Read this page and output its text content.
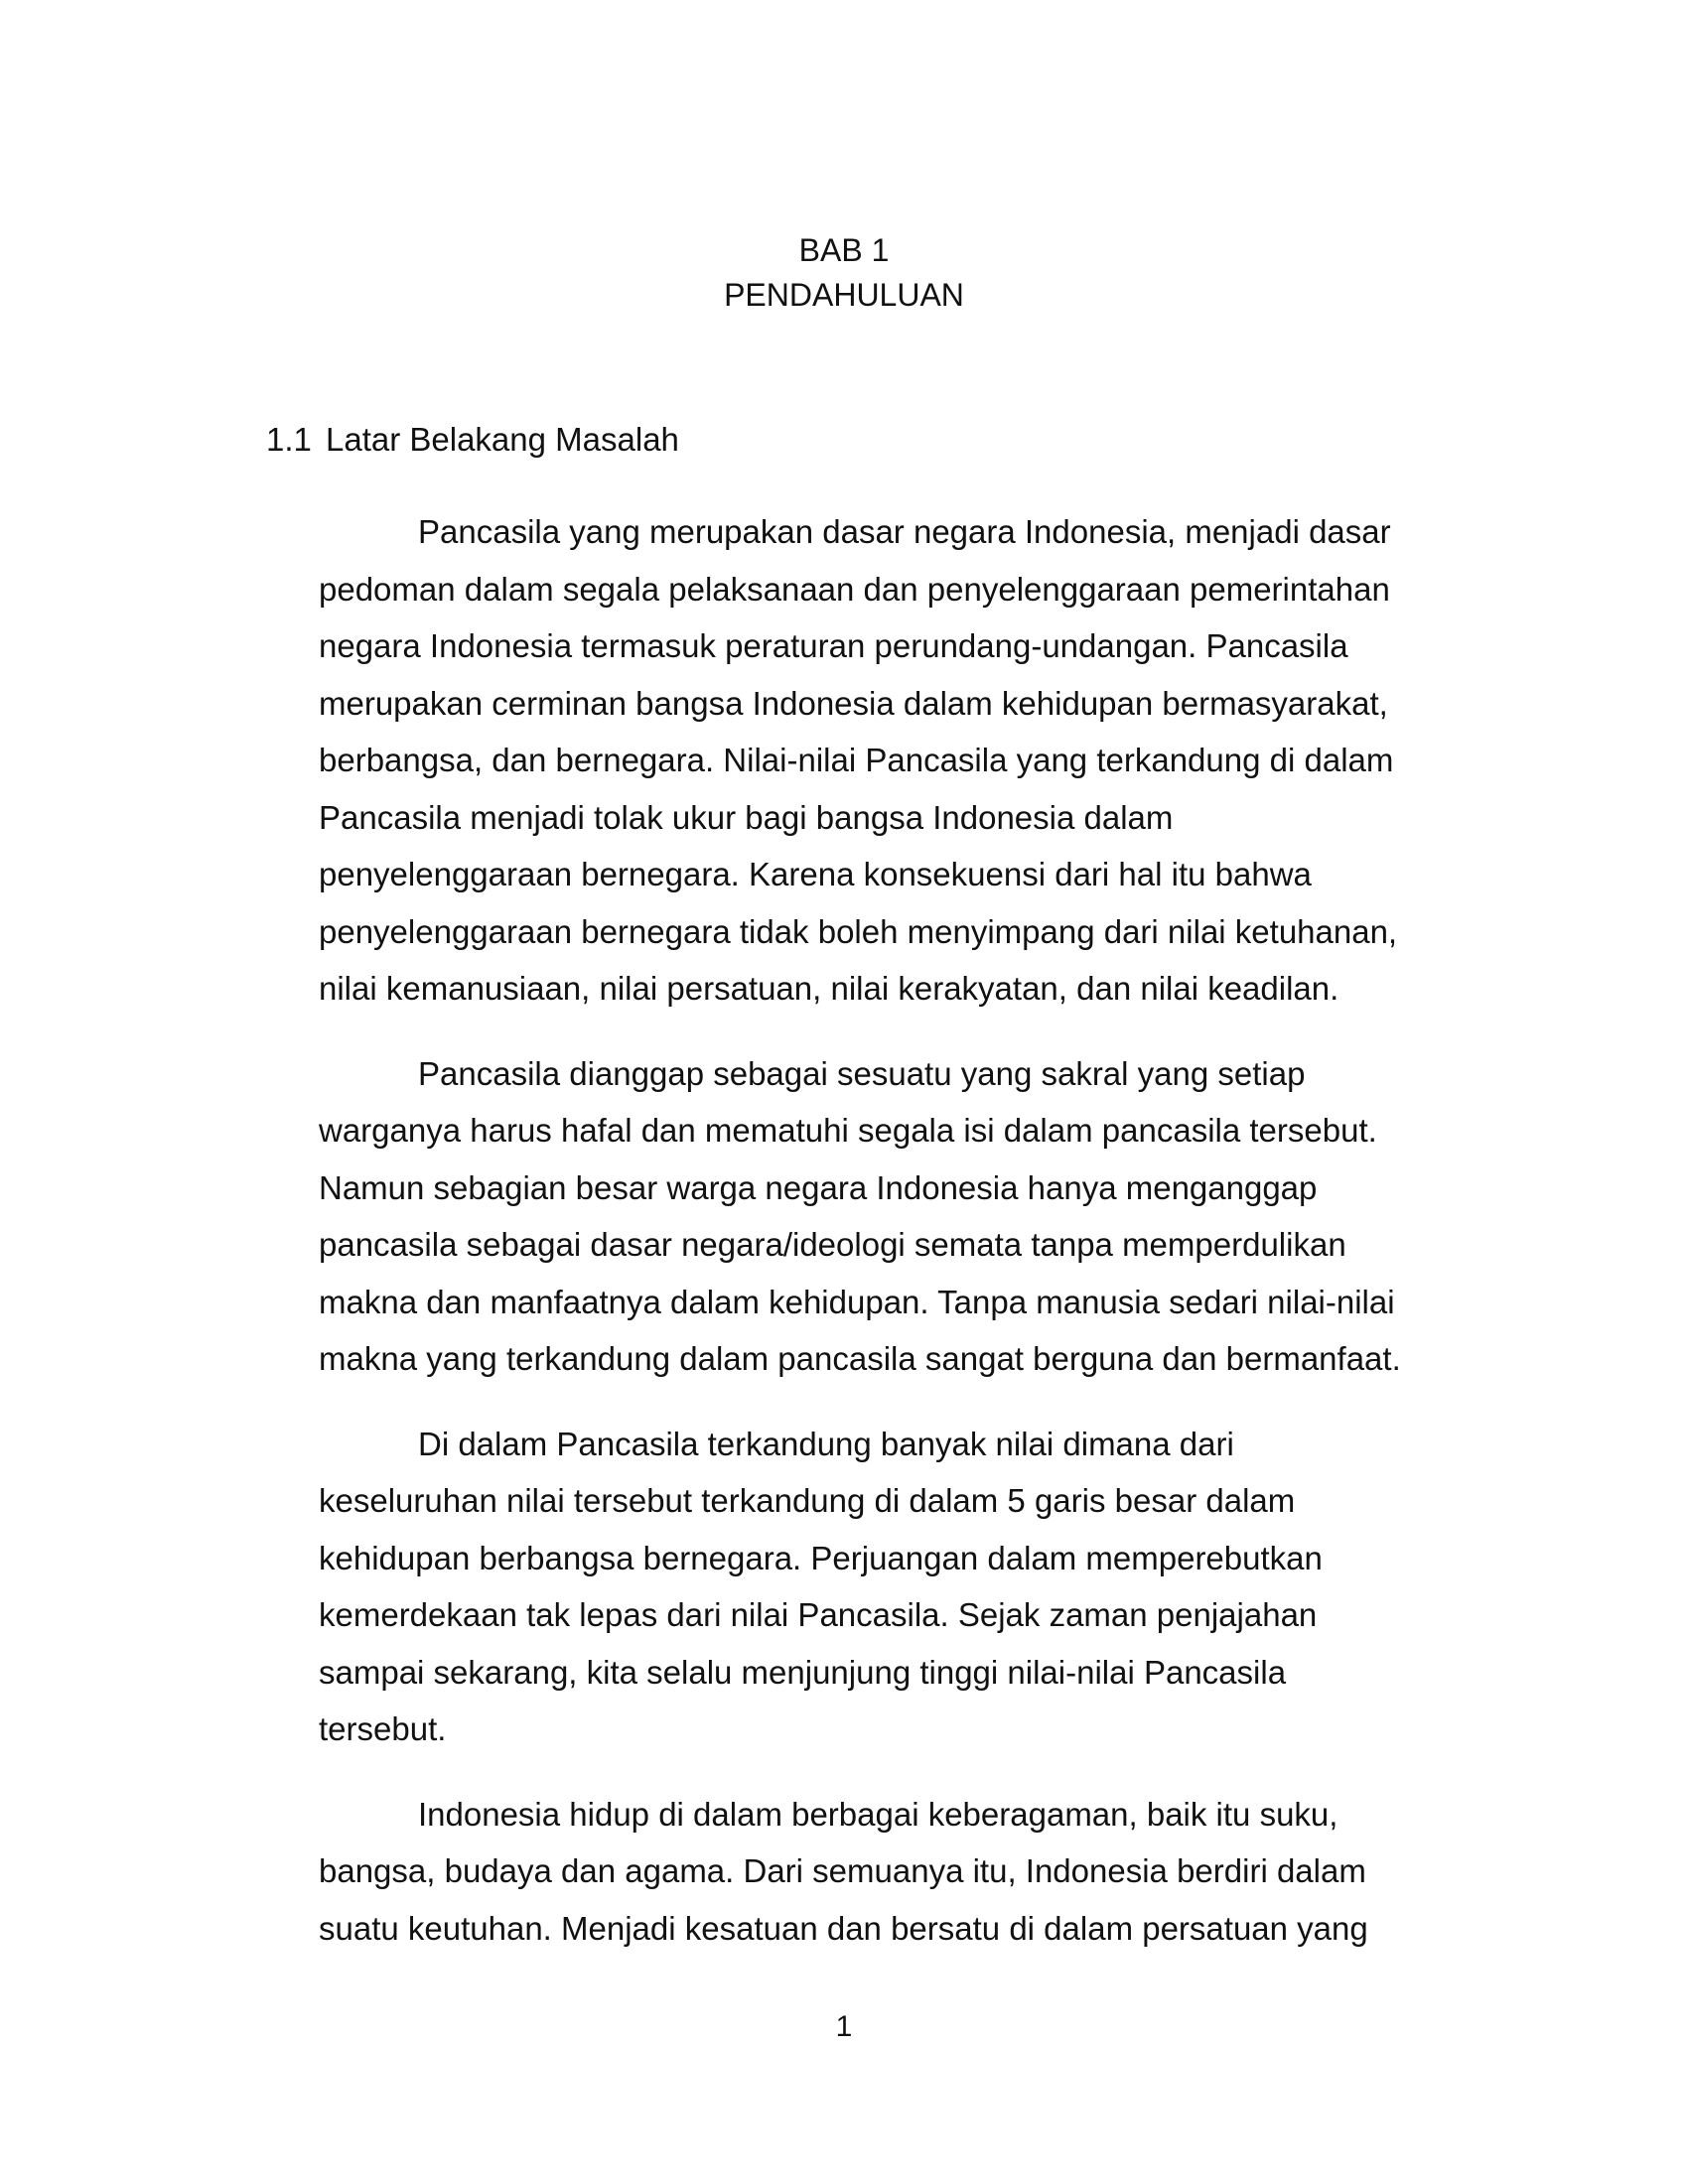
BAB 1
PENDAHULUAN
1.1 Latar Belakang Masalah
Pancasila yang merupakan dasar negara Indonesia, menjadi dasar
pedoman dalam segala pelaksanaan dan penyelenggaraan pemerintahan
negara Indonesia termasuk peraturan perundang-undangan. Pancasila
merupakan cerminan bangsa Indonesia dalam kehidupan bermasyarakat,
berbangsa, dan bernegara. Nilai-nilai Pancasila yang terkandung di dalam
Pancasila menjadi tolak ukur bagi bangsa Indonesia dalam
penyelenggaraan bernegara. Karena konsekuensi dari hal itu bahwa
penyelenggaraan bernegara tidak boleh menyimpang dari nilai ketuhanan,
nilai kemanusiaan, nilai persatuan, nilai kerakyatan, dan nilai keadilan.
Pancasila dianggap sebagai sesuatu yang sakral yang setiap
warganya harus hafal dan mematuhi segala isi dalam pancasila tersebut.
Namun sebagian besar warga negara Indonesia hanya menganggap
pancasila sebagai dasar negara/ideologi semata tanpa memperdulikan
makna dan manfaatnya dalam kehidupan. Tanpa manusia sedari nilai-nilai
makna yang terkandung dalam pancasila sangat berguna dan bermanfaat.
Di dalam Pancasila terkandung banyak nilai dimana dari
keseluruhan nilai tersebut terkandung di dalam 5 garis besar dalam
kehidupan berbangsa bernegara. Perjuangan dalam memperebutkan
kemerdekaan tak lepas dari nilai Pancasila. Sejak zaman penjajahan
sampai sekarang, kita selalu menjunjung tinggi nilai-nilai Pancasila
tersebut.
Indonesia hidup di dalam berbagai keberagaman, baik itu suku,
bangsa, budaya dan agama. Dari semuanya itu, Indonesia berdiri dalam
suatu keutuhan. Menjadi kesatuan dan bersatu di dalam persatuan yang
1
